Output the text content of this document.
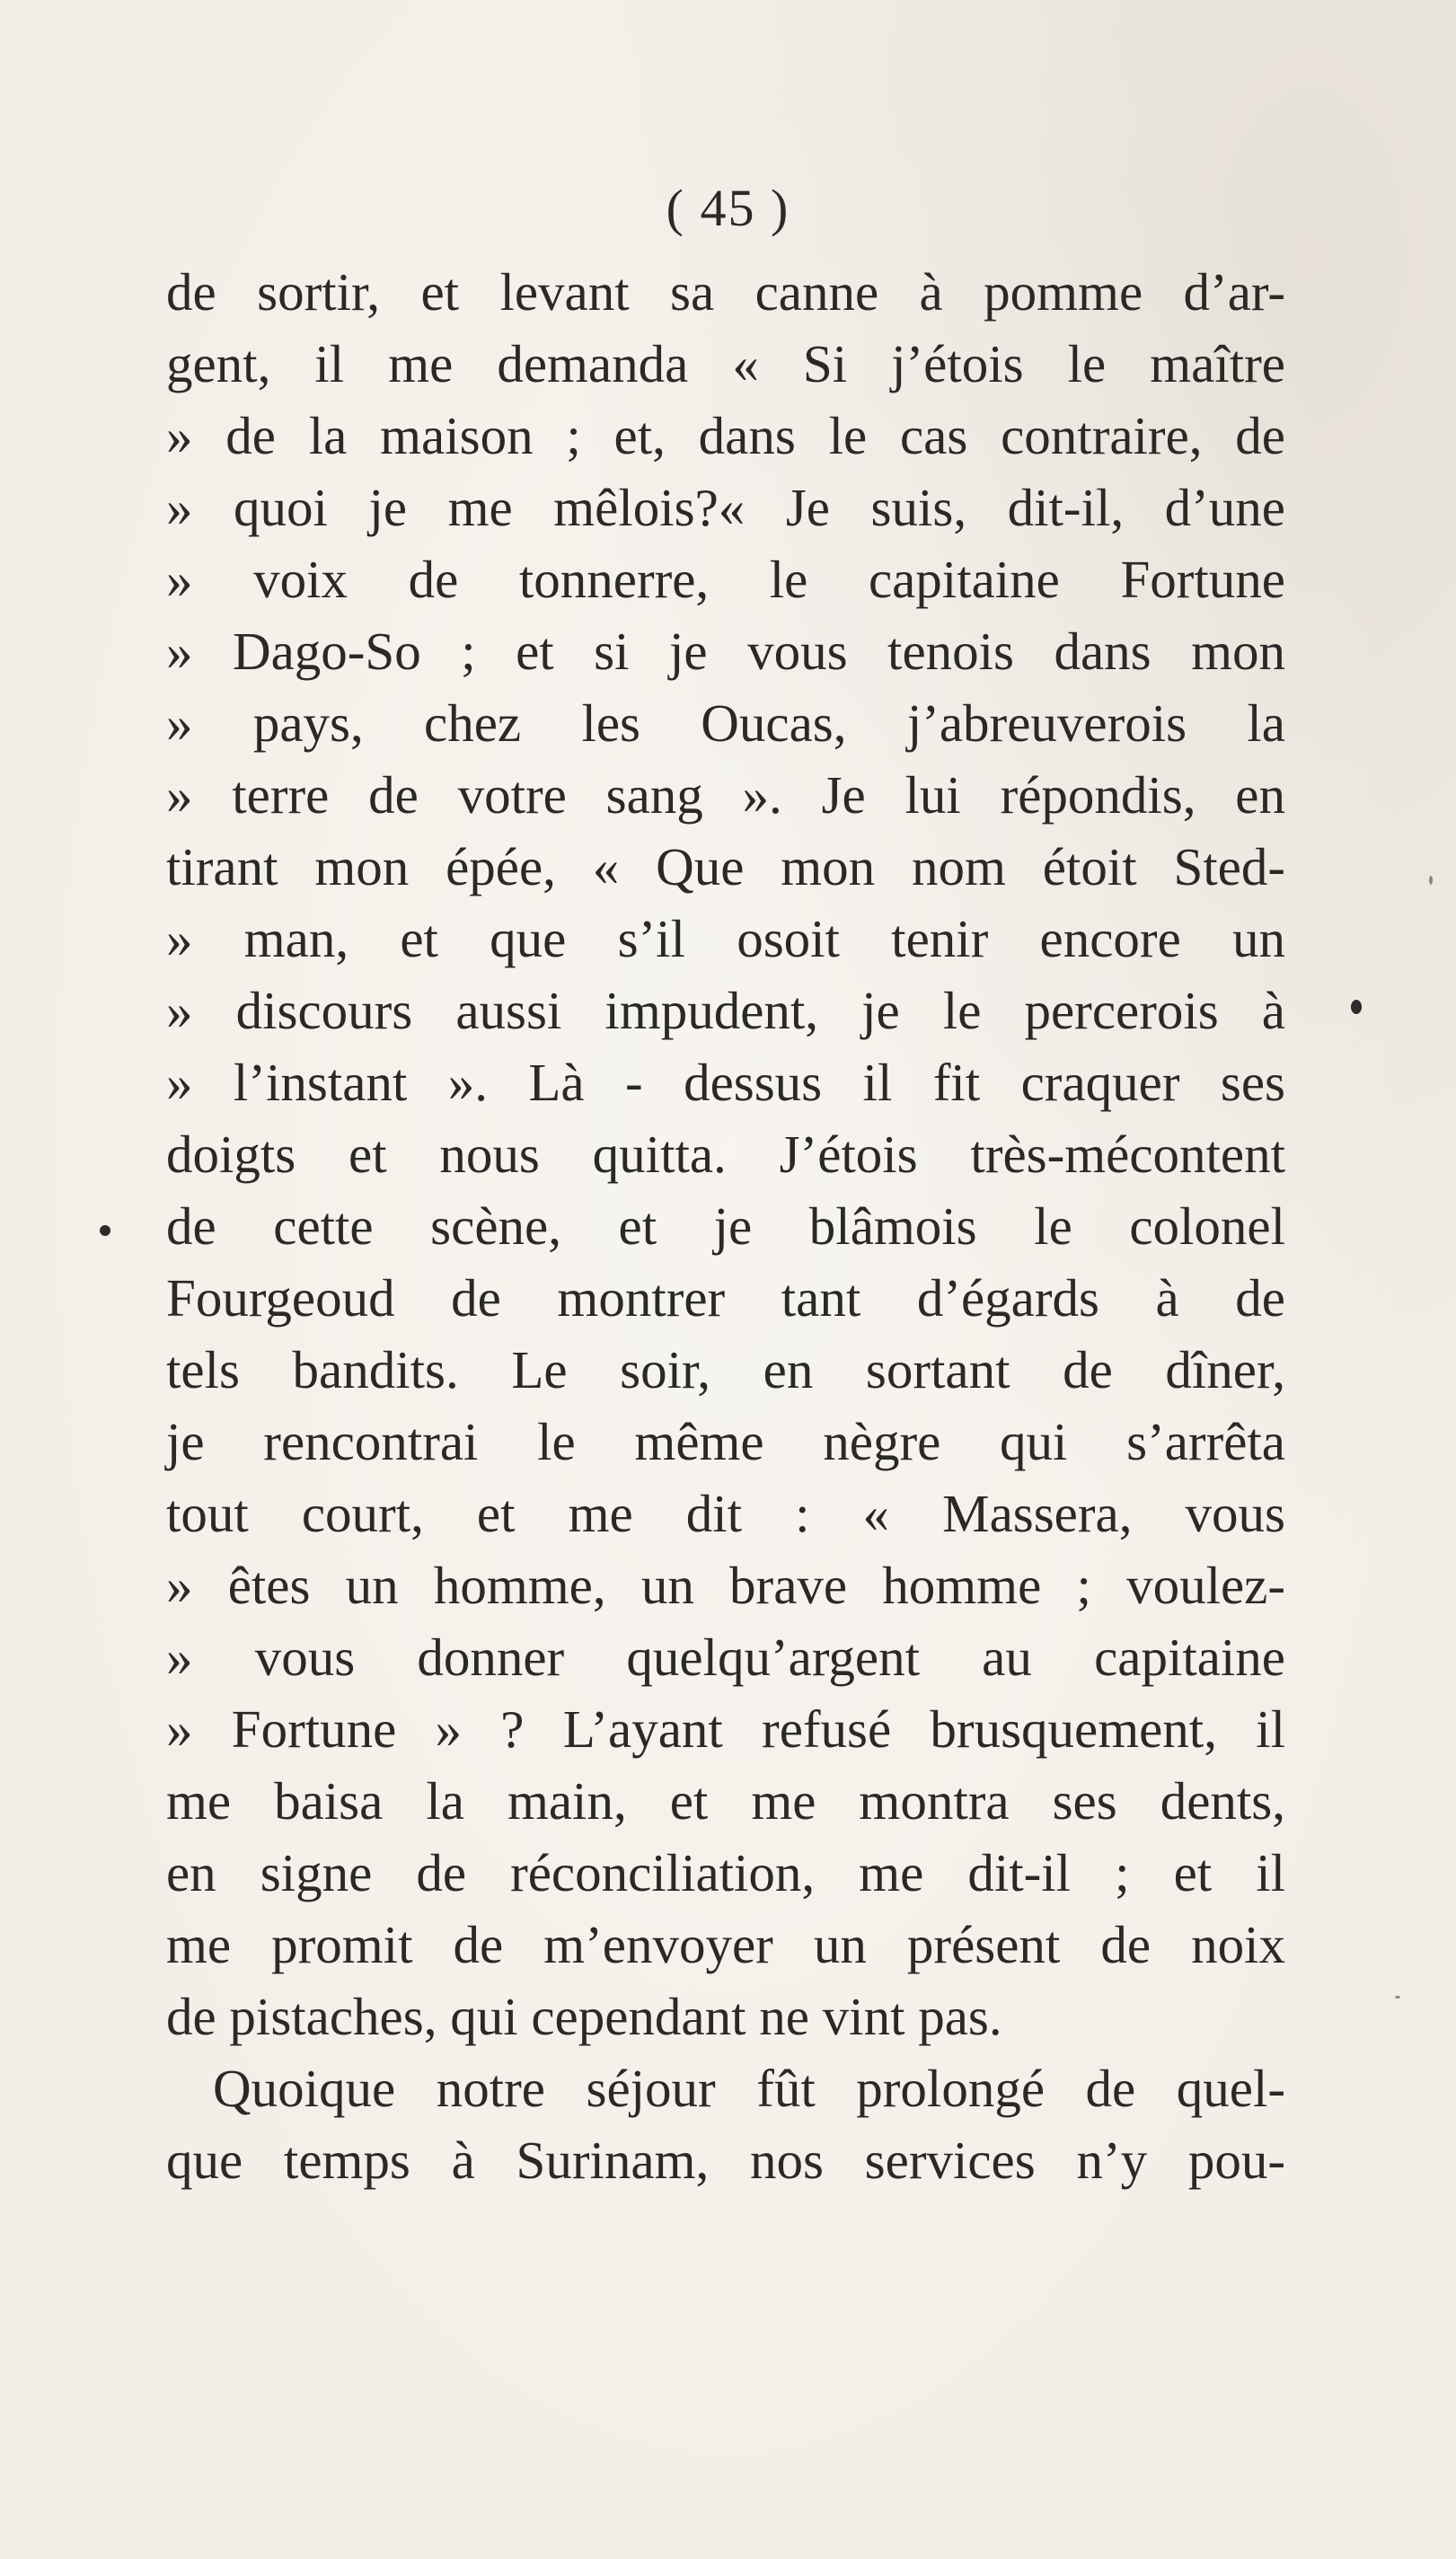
( 45 )
de sortir, et levant sa canne à pomme d’ar-
gent, il me demanda « Si j’étois le maître
» de la maison ; et, dans le cas contraire, de
» quoi je me mêlois?« Je suis, dit-il, d’une
» voix de tonnerre, le capitaine Fortune
» Dago-So ; et si je vous tenois dans mon
» pays, chez les Oucas, j’abreuverois la
» terre de votre sang ». Je lui répondis, en
tirant mon épée, « Que mon nom étoit Sted-
» man, et que s’il osoit tenir encore un
» discours aussi impudent, je le percerois à
» l’instant ». Là - dessus il fit craquer ses
doigts et nous quitta. J’étois très-mécontent
de cette scène, et je blâmois le colonel
Fourgeoud de montrer tant d’égards à de
tels bandits. Le soir, en sortant de dîner,
je rencontrai le même nègre qui s’arrêta
tout court, et me dit : « Massera, vous
» êtes un homme, un brave homme ; voulez-
» vous donner quelqu’argent au capitaine
» Fortune » ? L’ayant refusé brusquement, il
me baisa la main, et me montra ses dents,
en signe de réconciliation, me dit-il ; et il
me promit de m’envoyer un présent de noix
de pistaches, qui cependant ne vint pas.
Quoique notre séjour fût prolongé de quel-
que temps à Surinam, nos services n’y pou-
